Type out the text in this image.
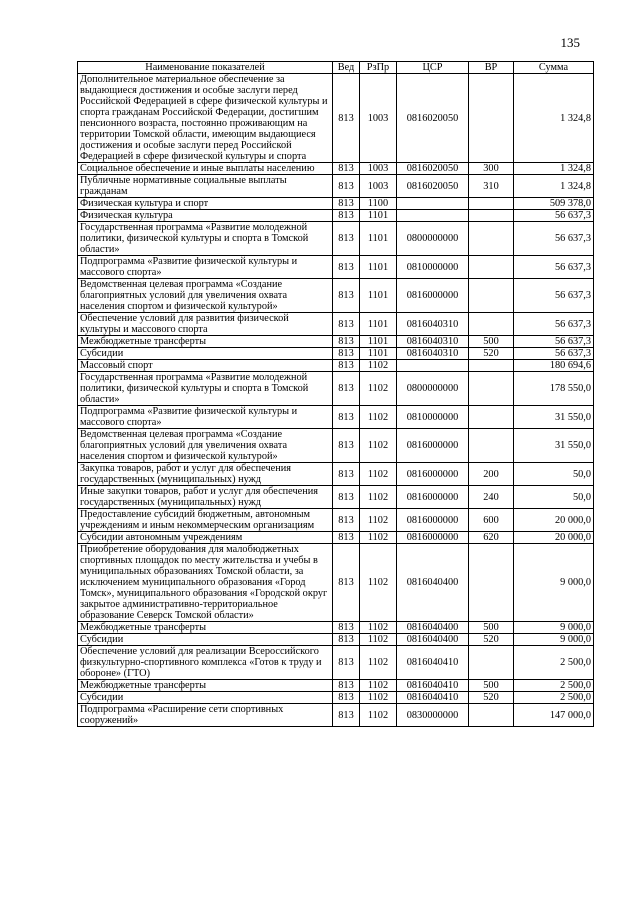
135
Наименование показателей	Вед	РзПр	ЦСР	ВР	Сумма
Дополнительное материальное обеспечение за выдающиеся достижения и особые заслуги перед Российской Федерацией в сфере физической культуры и спорта гражданам Российской Федерации, достигшим пенсионного возраста, постоянно проживающим на территории Томской области, имеющим выдающиеся достижения и особые заслуги перед Российской Федерацией в сфере физической культуры и спорта	813	1003	0816020050		1 324,8
Социальное обеспечение и иные выплаты населению	813	1003	0816020050	300	1 324,8
Публичные нормативные социальные выплаты гражданам	813	1003	0816020050	310	1 324,8
Физическая культура и спорт	813	1100			509 378,0
Физическая культура	813	1101			56 637,3
Государственная программа «Развитие молодежной политики, физической культуры и спорта в Томской области»	813	1101	0800000000		56 637,3
Подпрограмма «Развитие физической культуры и массового спорта»	813	1101	0810000000		56 637,3
Ведомственная целевая программа «Создание благоприятных условий для увеличения охвата населения спортом и физической культурой»	813	1101	0816000000		56 637,3
Обеспечение условий для развития физической культуры и массового спорта	813	1101	0816040310		56 637,3
Межбюджетные трансферты	813	1101	0816040310	500	56 637,3
Субсидии	813	1101	0816040310	520	56 637,3
Массовый спорт	813	1102			180 694,6
Государственная программа «Развитие молодежной политики, физической культуры и спорта в Томской области»	813	1102	0800000000		178 550,0
Подпрограмма «Развитие физической культуры и массового спорта»	813	1102	0810000000		31 550,0
Ведомственная целевая программа «Создание благоприятных условий для увеличения охвата населения спортом и физической культурой»	813	1102	0816000000		31 550,0
Закупка товаров, работ и услуг для обеспечения государственных (муниципальных) нужд	813	1102	0816000000	200	50,0
Иные закупки товаров, работ и услуг для обеспечения государственных (муниципальных) нужд	813	1102	0816000000	240	50,0
Предоставление субсидий бюджетным, автономным учреждениям и иным некоммерческим организациям	813	1102	0816000000	600	20 000,0
Субсидии автономным учреждениям	813	1102	0816000000	620	20 000,0
Приобретение оборудования для малобюджетных спортивных площадок по месту жительства и учебы в муниципальных образованиях Томской области, за исключением муниципального образования «Город Томск», муниципального образования «Городской округ закрытое административно-территориальное образование Северск Томской области»	813	1102	0816040400		9 000,0
Межбюджетные трансферты	813	1102	0816040400	500	9 000,0
Субсидии	813	1102	0816040400	520	9 000,0
Обеспечение условий для реализации Всероссийского физкультурно-спортивного комплекса «Готов к труду и обороне» (ГТО)	813	1102	0816040410		2 500,0
Межбюджетные трансферты	813	1102	0816040410	500	2 500,0
Субсидии	813	1102	0816040410	520	2 500,0
Подпрограмма «Расширение сети спортивных сооружений»	813	1102	0830000000		147 000,0
